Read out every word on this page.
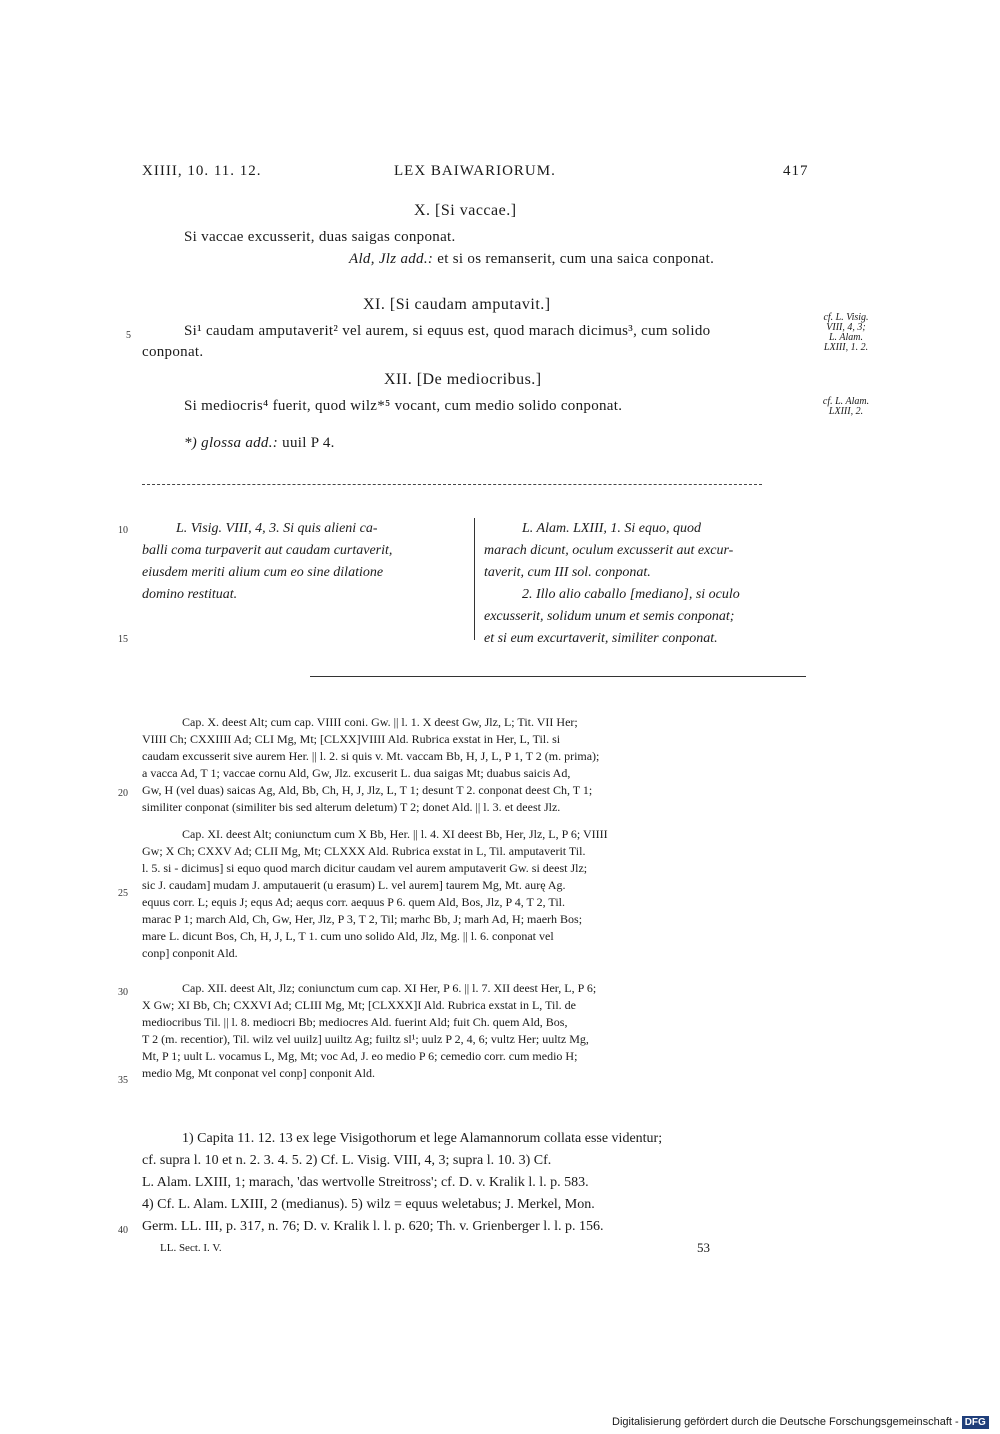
XIIII, 10. 11. 12.	LEX BAIWARIORUM.	417
X. [Si vaccae.]
Si vaccae excusserit, duas saigas conponat.
Ald, Jlz add.: et si os remanserit, cum una saica conponat.
XI. [Si caudam amputavit.]
5	Si¹ caudam amputaverit² vel aurem, si equus est, quod marach dicimus³, cum solido
conponat.
cf. L. Visig.
VIII, 4, 3;
L. Alam.
LXIII, 1. 2.
XII. [De mediocribus.]
Si mediocris⁴ fuerit, quod wilz*⁵ vocant, cum medio solido conponat.	cf. L. Alam.
LXIII, 2.
*) glossa add.: uuil P 4.
10
15
L. Visig. VIII, 4, 3. Si quis alieni ca-
balli coma turpaverit aut caudam curtaverit,
eiusdem meriti alium cum eo sine dilatione
domino restituat.
L. Alam. LXIII, 1. Si equo, quod
marach dicunt, oculum excusserit aut excur-
taverit, cum III sol. conponat.
2. Illo alio caballo [mediano], si oculo
excusserit, solidum unum et semis conponat;
et si eum excurtaverit, similiter conponat.
20
25
30
35
Cap. X. deest Alt; cum cap. VIIII coni. Gw. || l. 1. X deest Gw, Jlz, L; Tit. VII Her;
VIIII Ch; CXXIIII Ad; CLI Mg, Mt; [CLXX]VIIII Ald. Rubrica exstat in Her, L, Til. si
caudam excusserit sive aurem Her. || l. 2. si quis v. Mt. vaccam Bb, H, J, L, P 1, T 2 (m. prima);
a vacca Ad, T 1; vaccae cornu Ald, Gw, Jlz. excuserit L. dua saigas Mt; duabus saicis Ad,
Gw, H (vel duas) saicas Ag, Ald, Bb, Ch, H, J, Jlz, L, T 1; desunt T 2. conponat deest Ch, T 1;
similiter conponat (similiter bis sed alterum deletum) T 2; donet Ald. || l. 3. et deest Jlz.
Cap. XI. deest Alt; coniunctum cum X Bb, Her. || l. 4. XI deest Bb, Her, Jlz, L, P 6; VIIII
Gw; X Ch; CXXV Ad; CLII Mg, Mt; CLXXX Ald. Rubrica exstat in L, Til. amputaverit Til.
l. 5. si - dicimus] si equo quod march dicitur caudam vel aurem amputaverit Gw. si deest Jlz;
sic J. caudam] mudam J. amputauerit (u erasum) L. vel aurem] taurem Mg, Mt. aurę Ag.
equus corr. L; equis J; equs Ad; aequs corr. aequus P 6. quem Ald, Bos, Jlz, P 4, T 2, Til.
marac P 1; march Ald, Ch, Gw, Her, Jlz, P 3, T 2, Til; marhc Bb, J; marh Ad, H; maerh Bos;
mare L. dicunt Bos, Ch, H, J, L, T 1. cum uno solido Ald, Jlz, Mg. || l. 6. conponat vel
conp] conponit Ald.
Cap. XII. deest Alt, Jlz; coniunctum cum cap. XI Her, P 6. || l. 7. XII deest Her, L, P 6;
X Gw; XI Bb, Ch; CXXVI Ad; CLIII Mg, Mt; [CLXXX]I Ald. Rubrica exstat in L, Til. de
mediocribus Til. || l. 8. mediocri Bb; mediocres Ald. fuerint Ald; fuit Ch. quem Ald, Bos,
T 2 (m. recentior), Til. wilz vel uuilz] uuiltz Ag; fuiltz sl¹; uulz P 2, 4, 6; vultz Her; uultz Mg,
Mt, P 1; uult L. vocamus L, Mg, Mt; voc Ad, J. eo medio P 6; cemedio corr. cum medio H;
medio Mg, Mt conponat vel conp] conponit Ald.
40
1) Capita 11. 12. 13 ex lege Visigothorum et lege Alamannorum collata esse videntur;
cf. supra l. 10 et n. 2. 3. 4. 5. 2) Cf. L. Visig. VIII, 4, 3; supra l. 10. 3) Cf.
L. Alam. LXIII, 1; marach, 'das wertvolle Streitross'; cf. D. v. Kralik l. l. p. 583.
4) Cf. L. Alam. LXIII, 2 (medianus). 5) wilz = equus weletabus; J. Merkel, Mon.
Germ. LL. III, p. 317, n. 76; D. v. Kralik l. l. p. 620; Th. v. Grienberger l. l. p. 156.
LL. Sect. I. V.	53
Digitalisierung gefördert durch die Deutsche Forschungsgemeinschaft - DFG
